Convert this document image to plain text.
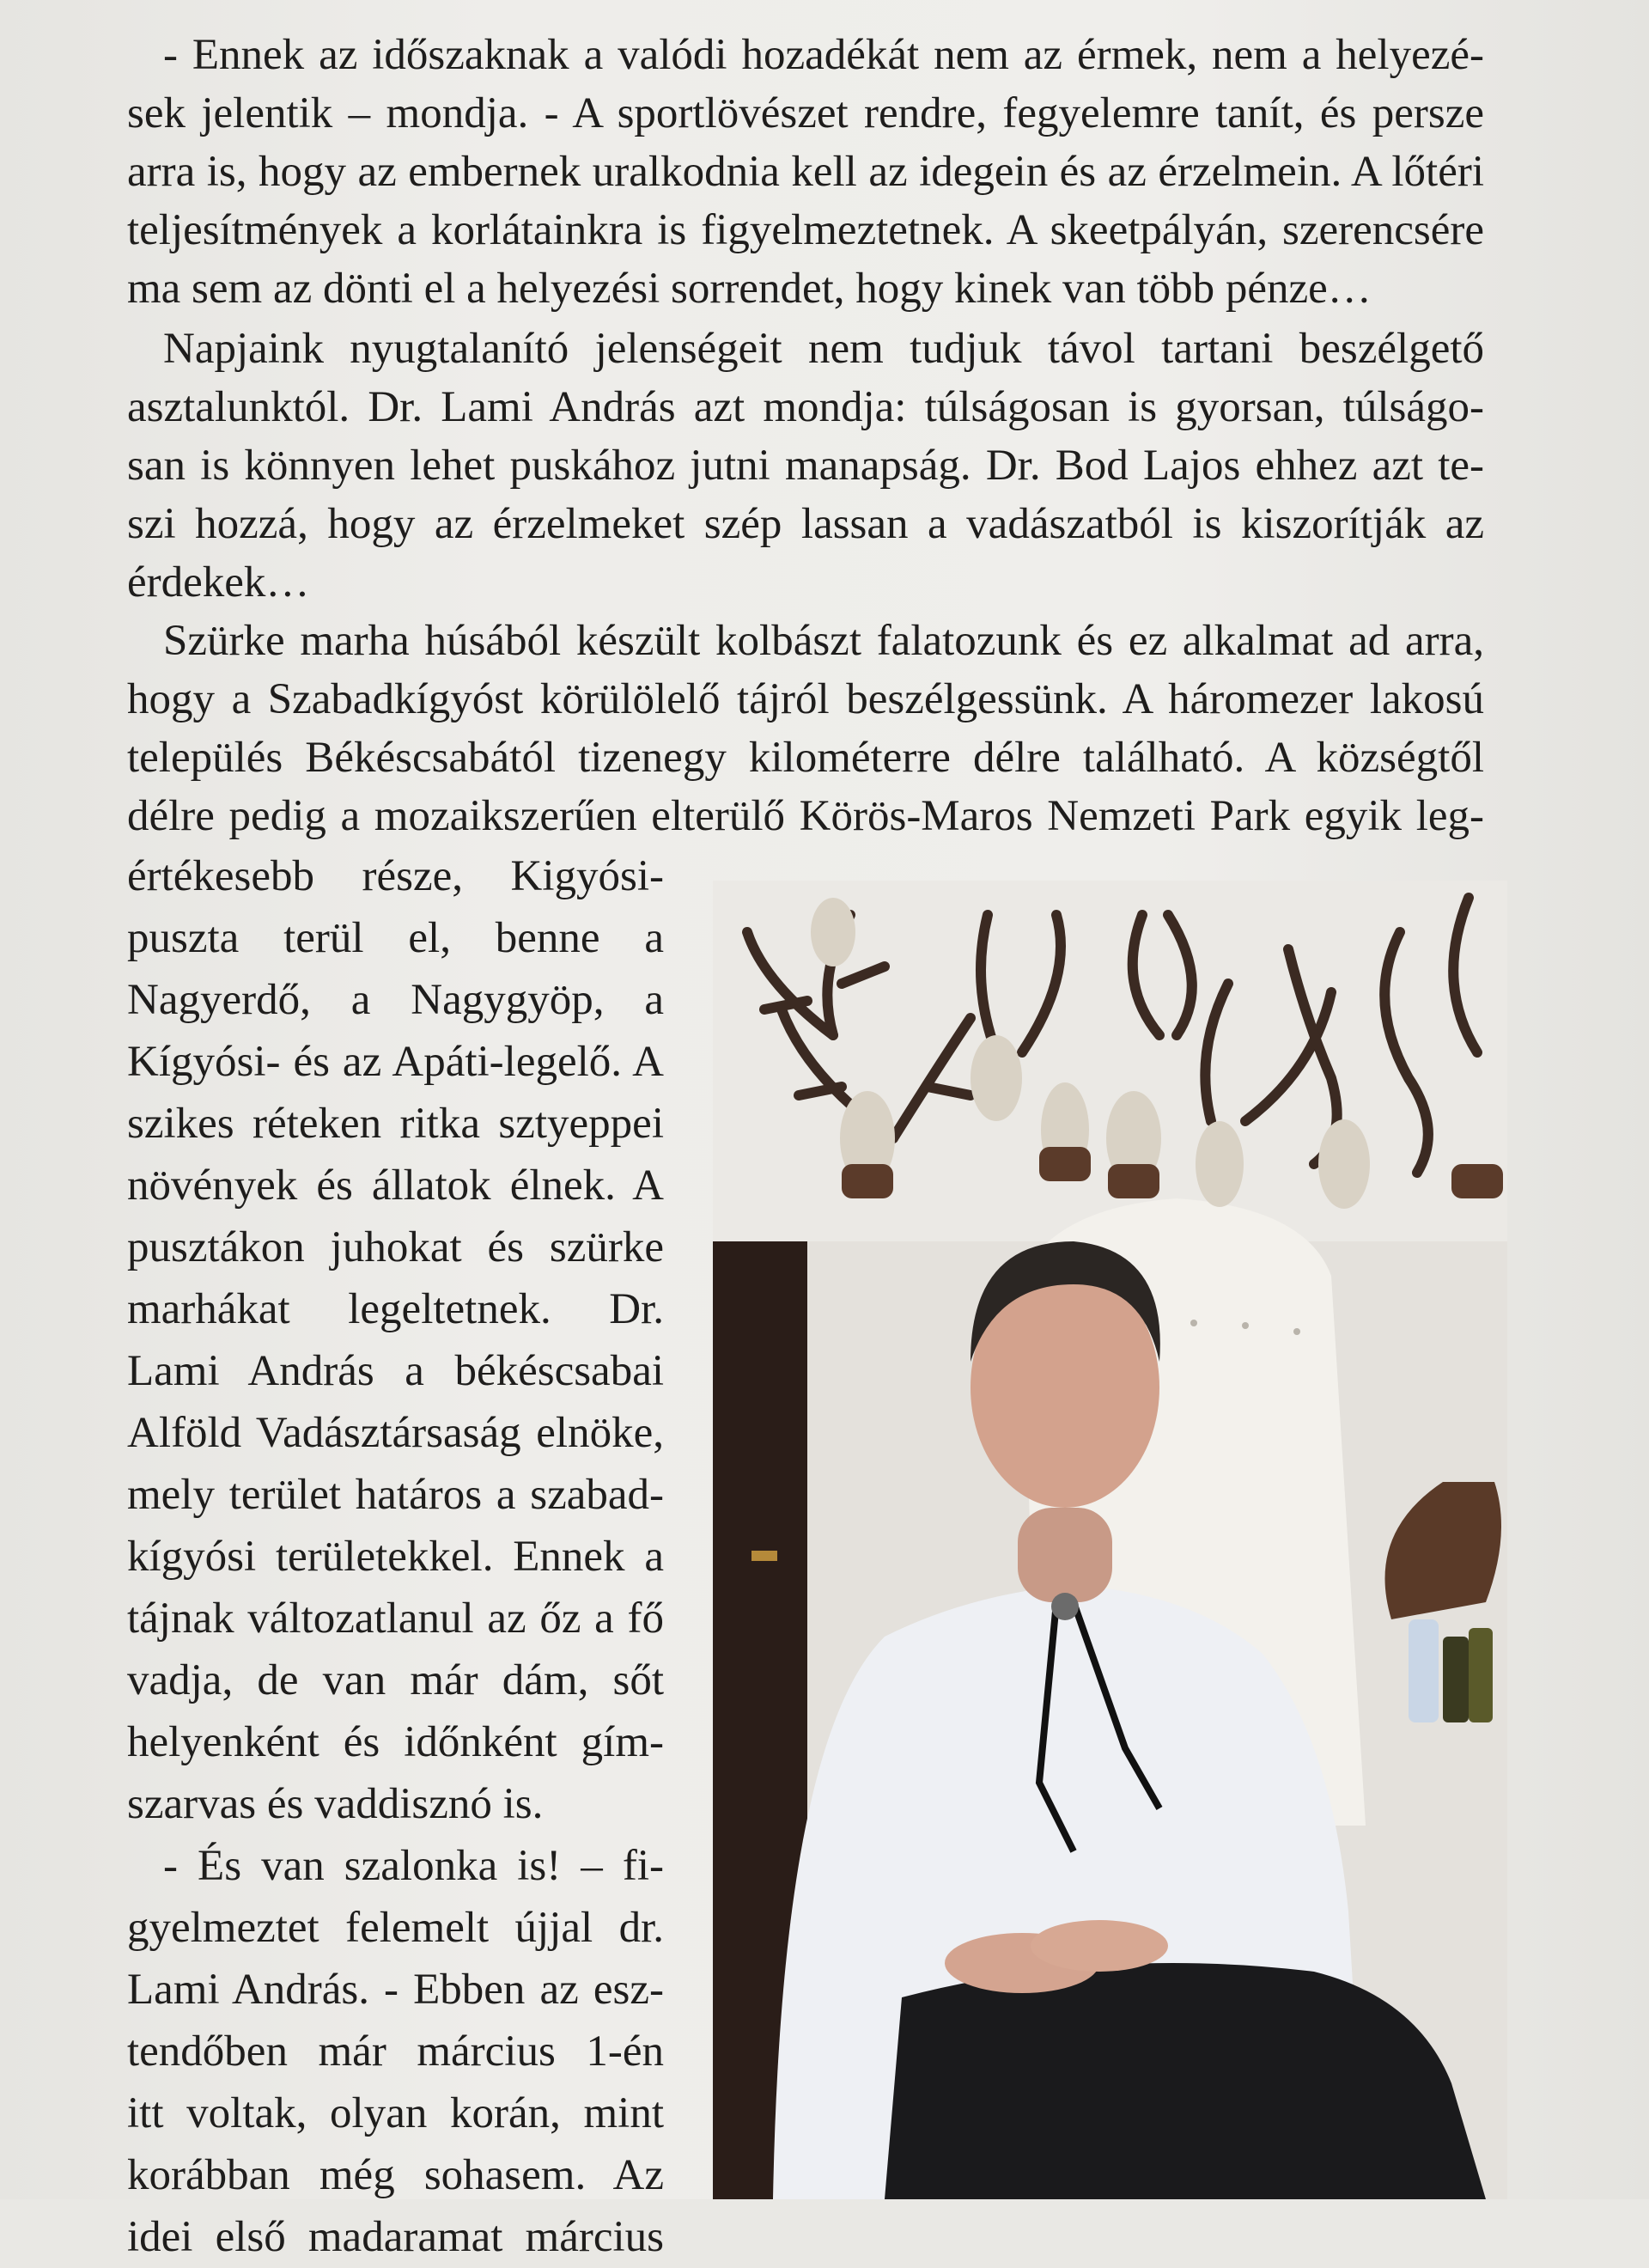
- Ennek az időszaknak a valódi hozadékát nem az érmek, nem a helyezé-
sek jelentik – mondja. - A sportlövészet rendre, fegyelemre tanít, és persze
arra is, hogy az embernek uralkodnia kell az idegein és az érzelmein. A lőtéri
teljesítmények a korlátainkra is figyelmeztetnek. A skeetpályán, szerencsére
ma sem az dönti el a helyezési sorrendet, hogy kinek van több pénze…
Napjaink nyugtalanító jelenségeit nem tudjuk távol tartani beszélgető
asztalunktól. Dr. Lami András azt mondja: túlságosan is gyorsan, túlságo-
san is könnyen lehet puskához jutni manapság. Dr. Bod Lajos ehhez azt te-
szi hozzá, hogy az érzelmeket szép lassan a vadászatból is kiszorítják az
érdekek…
Szürke marha húsából készült kolbászt falatozunk és ez alkalmat ad arra,
hogy a Szabadkígyóst körülölelő tájról beszélgessünk. A háromezer lakosú
település Békéscsabától tizenegy kilométerre délre található. A községtől
délre pedig a mozaikszerűen elterülő Körös-Maros Nemzeti Park egyik leg-
értékesebb része, Kigyósi-
puszta terül el, benne a
Nagyerdő, a Nagygyöp, a
Kígyósi- és az Apáti-legelő. A
szikes réteken ritka sztyeppei
növények és állatok élnek. A
pusztákon juhokat és szürke
marhákat legeltetnek. Dr.
Lami András a békéscsabai
Alföld Vadásztársaság elnöke,
mely terület határos a szabad-
kígyósi területekkel. Ennek a
tájnak változatlanul az őz a fő
vadja, de van már dám, sőt
helyenként és időnként gím-
szarvas és vaddisznó is.
- És van szalonka is! – fi-
gyelmeztet felemelt újjal dr.
Lami András. - Ebben az esz-
tendőben már március 1-én
itt voltak, olyan korán, mint
korábban még sohasem. Az
idei első madaramat március
